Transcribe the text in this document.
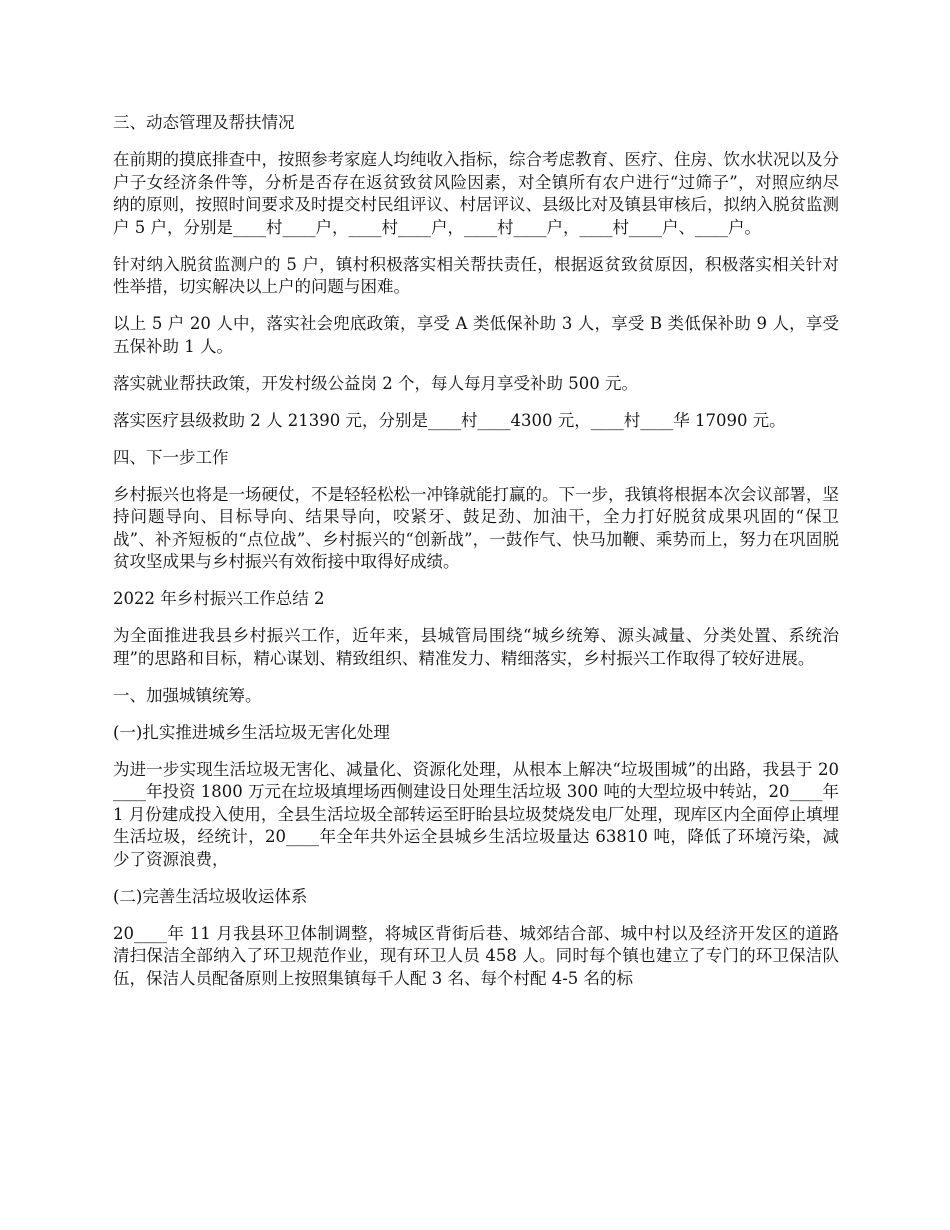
三、动态管理及帮扶情况

在前期的摸底排查中，按照参考家庭人均纯收入指标，综合考虑教育、医疗、住房、饮水状况以及分户子女经济条件等，分析是否存在返贫致贫风险因素，对全镇所有农户进行“过筛子”，对照应纳尽纳的原则，按照时间要求及时提交村民组评议、村居评议、县级比对及镇县审核后，拟纳入脱贫监测户 5 户，分别是____村____户，____村____户，____村____户，____村____户、____户。

针对纳入脱贫监测户的 5 户，镇村积极落实相关帮扶责任，根据返贫致贫原因，积极落实相关针对性举措，切实解决以上户的问题与困难。

以上 5 户 20 人中，落实社会兜底政策，享受 A 类低保补助 3 人，享受 B 类低保补助 9 人，享受五保补助 1 人。

落实就业帮扶政策，开发村级公益岗 2 个，每人每月享受补助 500 元。

落实医疗县级救助 2 人 21390 元，分别是____村____4300 元，____村____华 17090 元。

四、下一步工作

乡村振兴也将是一场硬仗，不是轻轻松松一冲锋就能打赢的。下一步，我镇将根据本次会议部署，坚持问题导向、目标导向、结果导向，咬紧牙、鼓足劲、加油干，全力打好脱贫成果巩固的“保卫战”、补齐短板的“点位战”、乡村振兴的“创新战”，一鼓作气、快马加鞭、乘势而上，努力在巩固脱贫攻坚成果与乡村振兴有效衔接中取得好成绩。

2022 年乡村振兴工作总结 2

为全面推进我县乡村振兴工作，近年来，县城管局围绕“城乡统筹、源头减量、分类处置、系统治理”的思路和目标，精心谋划、精致组织、精准发力、精细落实，乡村振兴工作取得了较好进展。

一、加强城镇统筹。

(一)扎实推进城乡生活垃圾无害化处理

为进一步实现生活垃圾无害化、减量化、资源化处理，从根本上解决“垃圾围城”的出路，我县于 20____年投资 1800 万元在垃圾填埋场西侧建设日处理生活垃圾 300 吨的大型垃圾中转站，20____年 1 月份建成投入使用，全县生活垃圾全部转运至盱眙县垃圾焚烧发电厂处理，现库区内全面停止填埋生活垃圾，经统计，20____年全年共外运全县城乡生活垃圾量达 63810 吨，降低了环境污染，减少了资源浪费，

(二)完善生活垃圾收运体系

20____年 11 月我县环卫体制调整，将城区背街后巷、城郊结合部、城中村以及经济开发区的道路清扫保洁全部纳入了环卫规范作业，现有环卫人员 458 人。同时每个镇也建立了专门的环卫保洁队伍，保洁人员配备原则上按照集镇每千人配 3 名、每个村配 4-5 名的标
